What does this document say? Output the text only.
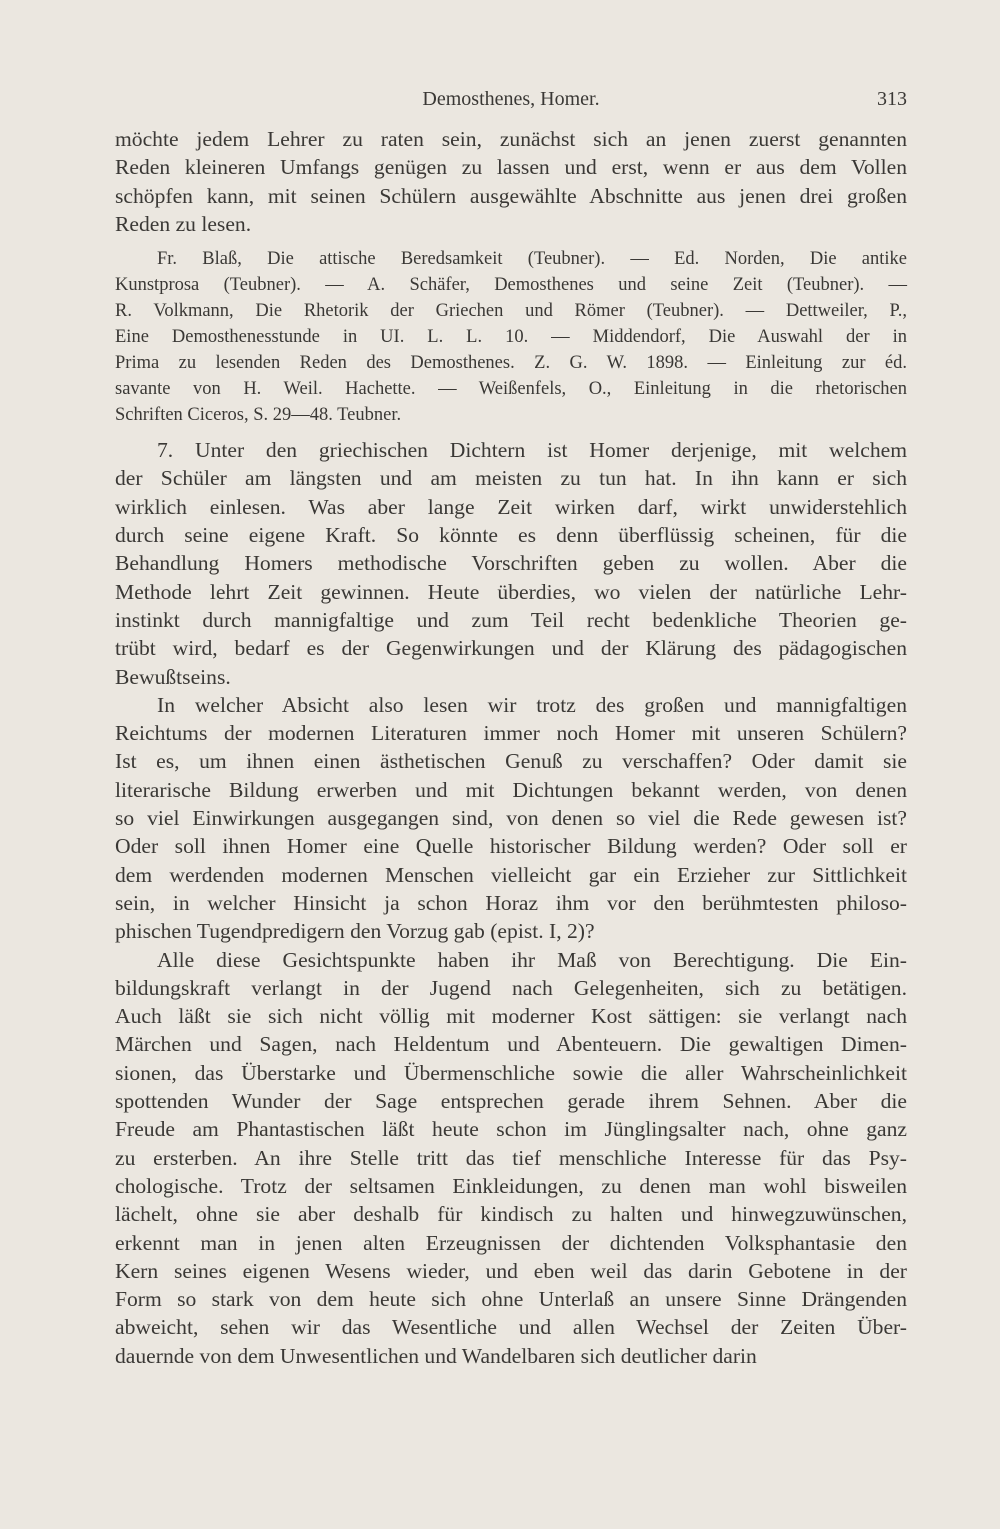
Demosthenes, Homer.	313
möchte jedem Lehrer zu raten sein, zunächst sich an jenen zuerst genannten
Reden kleineren Umfangs genügen zu lassen und erst, wenn er aus dem Vollen
schöpfen kann, mit seinen Schülern ausgewählte Abschnitte aus jenen drei großen
Reden zu lesen.
Fr. Blaß, Die attische Beredsamkeit (Teubner). — Ed. Norden, Die antike
Kunstprosa (Teubner). — A. Schäfer, Demosthenes und seine Zeit (Teubner). —
R. Volkmann, Die Rhetorik der Griechen und Römer (Teubner). — Dettweiler, P.,
Eine Demosthenesstunde in UI. L. L. 10. — Middendorf, Die Auswahl der in
Prima zu lesenden Reden des Demosthenes. Z. G. W. 1898. — Einleitung zur éd.
savante von H. Weil. Hachette. — Weißenfels, O., Einleitung in die rhetorischen
Schriften Ciceros, S. 29—48. Teubner.
7. Unter den griechischen Dichtern ist Homer derjenige, mit welchem
der Schüler am längsten und am meisten zu tun hat. In ihn kann er sich
wirklich einlesen. Was aber lange Zeit wirken darf, wirkt unwiderstehlich
durch seine eigene Kraft. So könnte es denn überflüssig scheinen, für die
Behandlung Homers methodische Vorschriften geben zu wollen. Aber die
Methode lehrt Zeit gewinnen. Heute überdies, wo vielen der natürliche Lehr-
instinkt durch mannigfaltige und zum Teil recht bedenkliche Theorien ge-
trübt wird, bedarf es der Gegenwirkungen und der Klärung des pädagogischen
Bewußtseins.
In welcher Absicht also lesen wir trotz des großen und mannigfaltigen
Reichtums der modernen Literaturen immer noch Homer mit unseren Schülern?
Ist es, um ihnen einen ästhetischen Genuß zu verschaffen? Oder damit sie
literarische Bildung erwerben und mit Dichtungen bekannt werden, von denen
so viel Einwirkungen ausgegangen sind, von denen so viel die Rede gewesen ist?
Oder soll ihnen Homer eine Quelle historischer Bildung werden? Oder soll er
dem werdenden modernen Menschen vielleicht gar ein Erzieher zur Sittlichkeit
sein, in welcher Hinsicht ja schon Horaz ihm vor den berühmtesten philoso-
phischen Tugendpredigern den Vorzug gab (epist. I, 2)?
Alle diese Gesichtspunkte haben ihr Maß von Berechtigung. Die Ein-
bildungskraft verlangt in der Jugend nach Gelegenheiten, sich zu betätigen.
Auch läßt sie sich nicht völlig mit moderner Kost sättigen: sie verlangt nach
Märchen und Sagen, nach Heldentum und Abenteuern. Die gewaltigen Dimen-
sionen, das Überstarke und Übermenschliche sowie die aller Wahrscheinlichkeit
spottenden Wunder der Sage entsprechen gerade ihrem Sehnen. Aber die
Freude am Phantastischen läßt heute schon im Jünglingsalter nach, ohne ganz
zu ersterben. An ihre Stelle tritt das tief menschliche Interesse für das Psy-
chologische. Trotz der seltsamen Einkleidungen, zu denen man wohl bisweilen
lächelt, ohne sie aber deshalb für kindisch zu halten und hinwegzuwünschen,
erkennt man in jenen alten Erzeugnissen der dichtenden Volksphantasie den
Kern seines eigenen Wesens wieder, und eben weil das darin Gebotene in der
Form so stark von dem heute sich ohne Unterlaß an unsere Sinne Drängenden
abweicht, sehen wir das Wesentliche und allen Wechsel der Zeiten Über-
dauernde von dem Unwesentlichen und Wandelbaren sich deutlicher darin
